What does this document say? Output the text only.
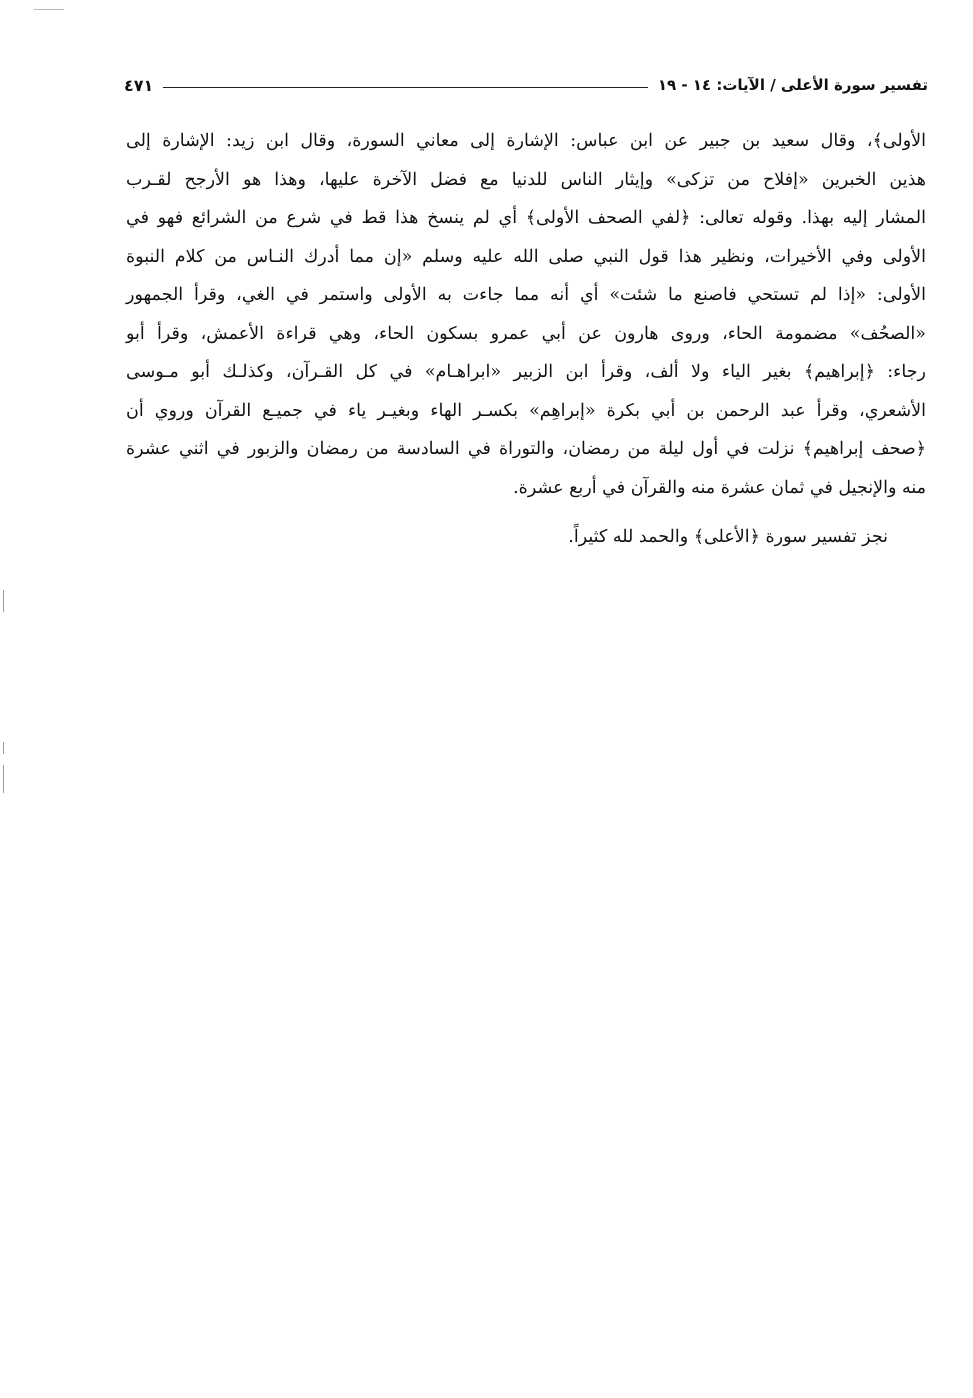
تفسير سورة الأعلى / الآيات: ١٤ - ١٩
٤٧١
الأولى﴾، وقال سعيد بن جبير عن ابن عباس: الإشارة إلى معاني السورة، وقال ابن زيد: الإشارة إلى
هذين الخبرين «إفلاح من تزكى» وإيثار الناس للدنيا مع فضل الآخرة عليها، وهذا هو الأرجح لقـرب
المشار إليه بهذا. وقوله تعالى: ﴿لفي الصحف الأولى﴾ أي لم ينسخ هذا قط في شرع من الشرائع فهو في
الأولى وفي الأخيرات، ونظير هذا قول النبي صلى الله عليه وسلم «إن مما أدرك النـاس من كلام النبوة
الأولى: «إذا لم تستحي فاصنع ما شئت» أي أنه مما جاءت به الأولى واستمر في الغي، وقرأ الجمهور
«الصحُف» مضمومة الحاء، وروى هارون عن أبي عمرو بسكون الحاء، وهي قراءة الأعمش، وقرأ أبو
رجاء: ﴿إبراهيم﴾ بغير الياء ولا ألف، وقرأ ابن الزبير «ابراهـام» في كل القـرآن، وكذلـك أبو مـوسى
الأشعري، وقرأ عبد الرحمن بن أبي بكرة «إبراهِم» بكسـر الهاء وبغيـر ياء في جميـع القرآن وروي أن
﴿صحف إبراهيم﴾ نزلت في أول ليلة من رمضان، والتوراة في السادسة من رمضان والزبور في اثني عشرة
منه والإنجيل في ثمان عشرة منه والقرآن في أربع عشرة.
نجز تفسير سورة ﴿الأعلى﴾ والحمد لله كثيراً.
